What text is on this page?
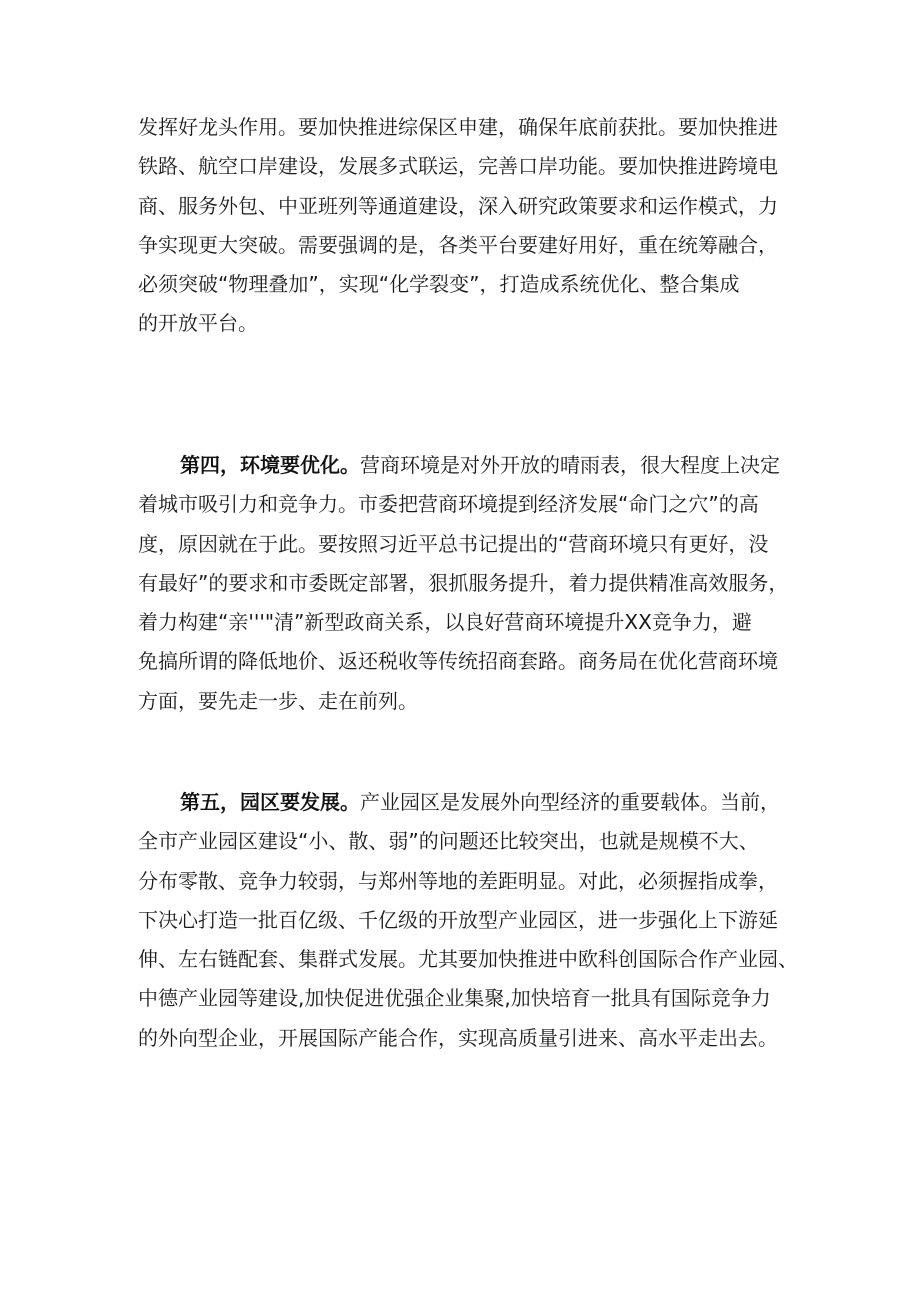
发挥好龙头作用。要加快推进综保区申建，确保年底前获批。要加快推进
铁路、航空口岸建设，发展多式联运，完善口岸功能。要加快推进跨境电
商、服务外包、中亚班列等通道建设，深入研究政策要求和运作模式，力
争实现更大突破。需要强调的是，各类平台要建好用好，重在统筹融合，
必须突破“物理叠加”，实现“化学裂变”，打造成系统优化、整合集成
的开放平台。
第四，环境要优化。营商环境是对外开放的晴雨表，很大程度上决定
着城市吸引力和竞争力。市委把营商环境提到经济发展“命门之穴”的高
度，原因就在于此。要按照习近平总书记提出的“营商环境只有更好，没
有最好”的要求和市委既定部署，狠抓服务提升，着力提供精准高效服务，
着力构建“亲'''"清”新型政商关系，以良好营商环境提升XX竞争力，避
免搞所谓的降低地价、返还税收等传统招商套路。商务局在优化营商环境
方面，要先走一步、走在前列。
第五，园区要发展。产业园区是发展外向型经济的重要载体。当前，
全市产业园区建设“小、散、弱”的问题还比较突出，也就是规模不大、
分布零散、竞争力较弱，与郑州等地的差距明显。对此，必须握指成拳，
下决心打造一批百亿级、千亿级的开放型产业园区，进一步强化上下游延
伸、左右链配套、集群式发展。尤其要加快推进中欧科创国际合作产业园、
中德产业园等建设,加快促进优强企业集聚,加快培育一批具有国际竞争力
的外向型企业，开展国际产能合作，实现高质量引进来、高水平走出去。
